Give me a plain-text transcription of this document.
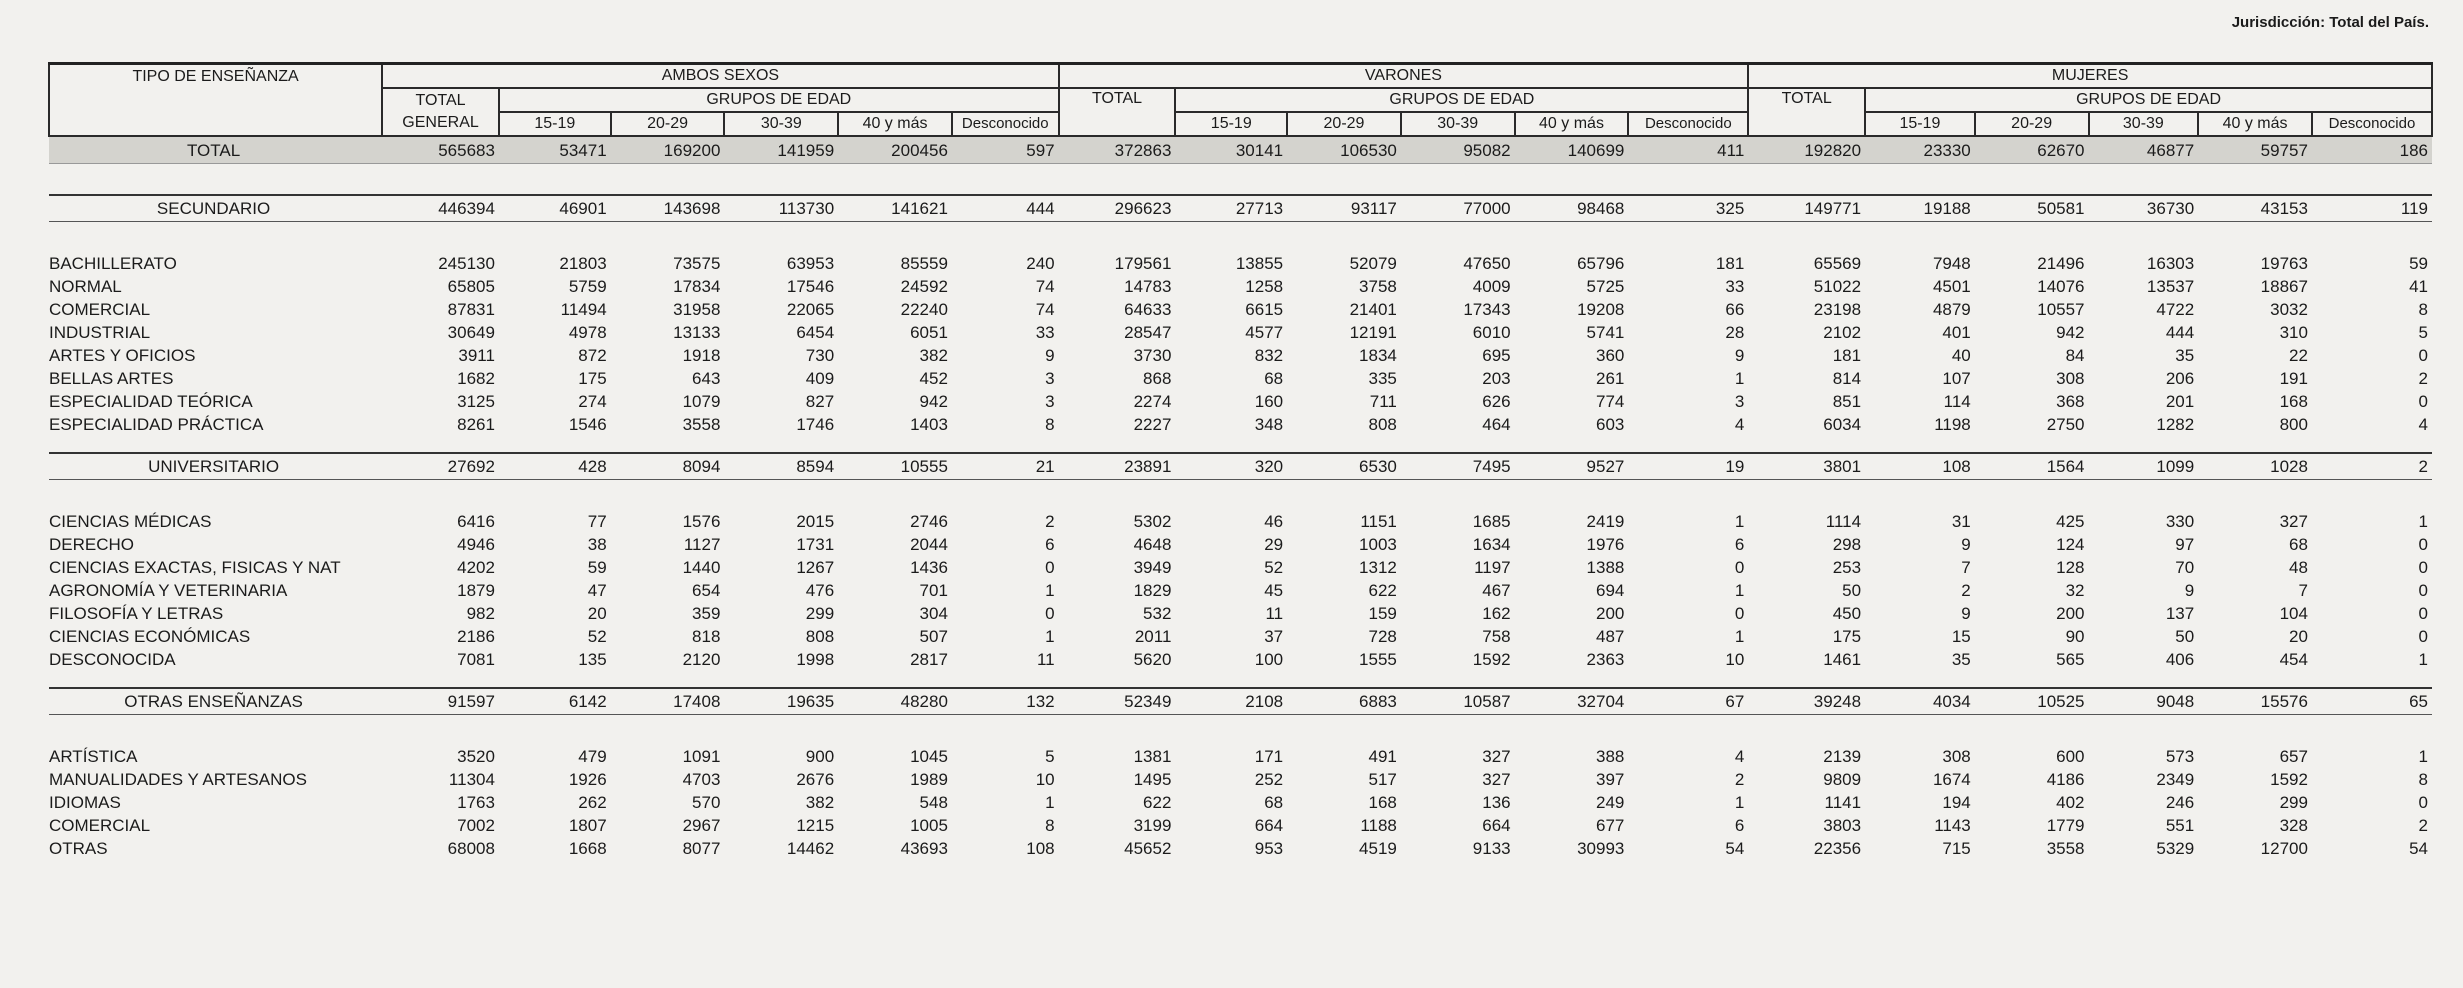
Jurisdicción: Total del País.
TIPO DE ENSEÑANZA	AMBOS SEXOS						VARONES						MUJERES					
	TOTAL GENERAL	GRUPOS DE EDAD					TOTAL	GRUPOS DE EDAD					TOTAL	GRUPOS DE EDAD				
		15-19	20-29	30-39	40 y más	Desconocido		15-19	20-29	30-39	40 y más	Desconocido		15-19	20-29	30-39	40 y más	Desconocido
TOTAL	565683	53471	169200	141959	200456	597	372863	30141	106530	95082	140699	411	192820	23330	62670	46877	59757	186

SECUNDARIO	446394	46901	143698	113730	141621	444	296623	27713	93117	77000	98468	325	149771	19188	50581	36730	43153	119

BACHILLERATO	245130	21803	73575	63953	85559	240	179561	13855	52079	47650	65796	181	65569	7948	21496	16303	19763	59
NORMAL	65805	5759	17834	17546	24592	74	14783	1258	3758	4009	5725	33	51022	4501	14076	13537	18867	41
COMERCIAL	87831	11494	31958	22065	22240	74	64633	6615	21401	17343	19208	66	23198	4879	10557	4722	3032	8
INDUSTRIAL	30649	4978	13133	6454	6051	33	28547	4577	12191	6010	5741	28	2102	401	942	444	310	5
ARTES Y OFICIOS	3911	872	1918	730	382	9	3730	832	1834	695	360	9	181	40	84	35	22	0
BELLAS ARTES	1682	175	643	409	452	3	868	68	335	203	261	1	814	107	308	206	191	2
ESPECIALIDAD TEÓRICA	3125	274	1079	827	942	3	2274	160	711	626	774	3	851	114	368	201	168	0
ESPECIALIDAD PRÁCTICA	8261	1546	3558	1746	1403	8	2227	348	808	464	603	4	6034	1198	2750	1282	800	4

UNIVERSITARIO	27692	428	8094	8594	10555	21	23891	320	6530	7495	9527	19	3801	108	1564	1099	1028	2

CIENCIAS MÉDICAS	6416	77	1576	2015	2746	2	5302	46	1151	1685	2419	1	1114	31	425	330	327	1
DERECHO	4946	38	1127	1731	2044	6	4648	29	1003	1634	1976	6	298	9	124	97	68	0
CIENCIAS EXACTAS, FISICAS Y NAT	4202	59	1440	1267	1436	0	3949	52	1312	1197	1388	0	253	7	128	70	48	0
AGRONOMÍA Y VETERINARIA	1879	47	654	476	701	1	1829	45	622	467	694	1	50	2	32	9	7	0
FILOSOFÍA Y LETRAS	982	20	359	299	304	0	532	11	159	162	200	0	450	9	200	137	104	0
CIENCIAS ECONÓMICAS	2186	52	818	808	507	1	2011	37	728	758	487	1	175	15	90	50	20	0
DESCONOCIDA	7081	135	2120	1998	2817	11	5620	100	1555	1592	2363	10	1461	35	565	406	454	1

OTRAS ENSEÑANZAS	91597	6142	17408	19635	48280	132	52349	2108	6883	10587	32704	67	39248	4034	10525	9048	15576	65

ARTÍSTICA	3520	479	1091	900	1045	5	1381	171	491	327	388	4	2139	308	600	573	657	1
MANUALIDADES Y ARTESANOS	11304	1926	4703	2676	1989	10	1495	252	517	327	397	2	9809	1674	4186	2349	1592	8
IDIOMAS	1763	262	570	382	548	1	622	68	168	136	249	1	1141	194	402	246	299	0
COMERCIAL	7002	1807	2967	1215	1005	8	3199	664	1188	664	677	6	3803	1143	1779	551	328	2
OTRAS	68008	1668	8077	14462	43693	108	45652	953	4519	9133	30993	54	22356	715	3558	5329	12700	54
